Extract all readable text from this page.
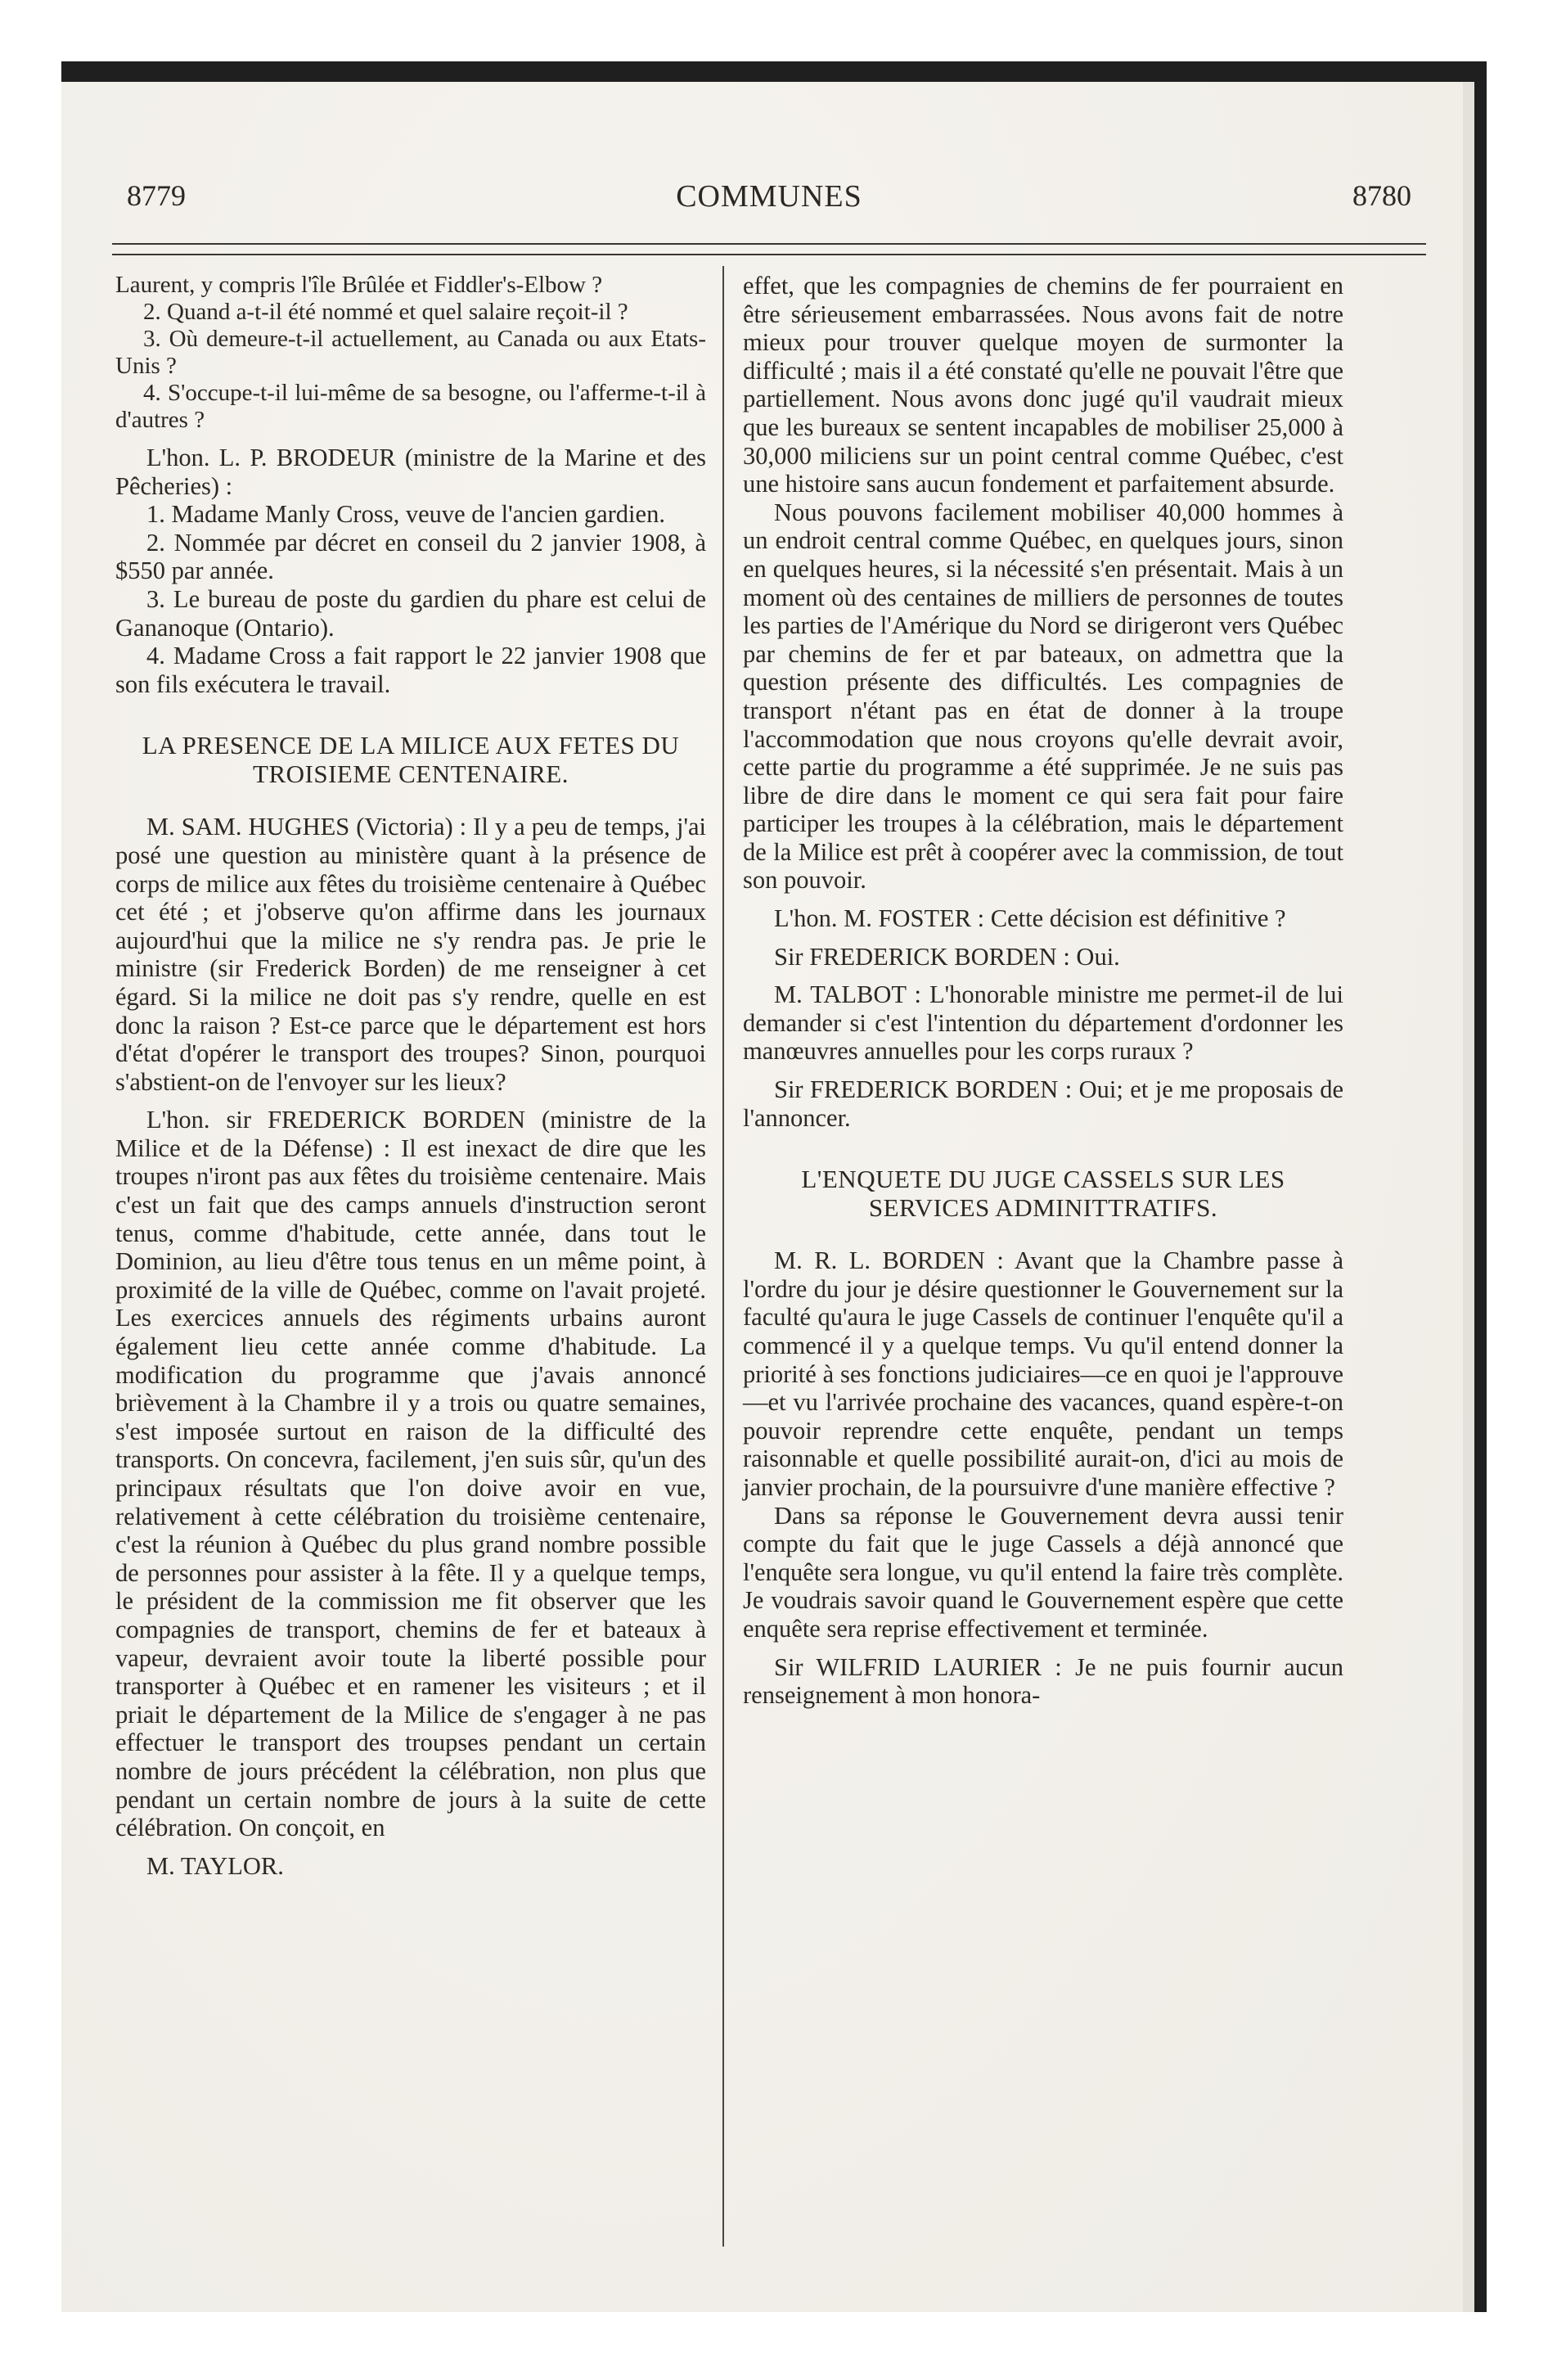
8779	COMMUNES	8780

Laurent, y compris l'île Brûlée et Fiddler's-Elbow ?

2. Quand a-t-il été nommé et quel salaire reçoit-il ?

3. Où demeure-t-il actuellement, au Canada ou aux Etats-Unis ?

4. S'occupe-t-il lui-même de sa besogne, ou l'afferme-t-il à d'autres ?

L'hon. L. P. BRODEUR (ministre de la Marine et des Pêcheries) :

1. Madame Manly Cross, veuve de l'ancien gardien.

2. Nommée par décret en conseil du 2 janvier 1908, à $550 par année.

3. Le bureau de poste du gardien du phare est celui de Gananoque (Ontario).

4. Madame Cross a fait rapport le 22 janvier 1908 que son fils exécutera le travail.

LA PRESENCE DE LA MILICE AUX FETES DU TROISIEME CENTENAIRE.

M. SAM. HUGHES (Victoria) : Il y a peu de temps, j'ai posé une question au ministère quant à la présence de corps de milice aux fêtes du troisième centenaire à Québec cet été ; et j'observe qu'on affirme dans les journaux aujourd'hui que la milice ne s'y rendra pas. Je prie le ministre (sir Frederick Borden) de me renseigner à cet égard. Si la milice ne doit pas s'y rendre, quelle en est donc la raison ? Est-ce parce que le département est hors d'état d'opérer le transport des troupes? Sinon, pourquoi s'abstient-on de l'envoyer sur les lieux?

L'hon. sir FREDERICK BORDEN (ministre de la Milice et de la Défense) : Il est inexact de dire que les troupes n'iront pas aux fêtes du troisième centenaire. Mais c'est un fait que des camps annuels d'instruction seront tenus, comme d'habitude, cette année, dans tout le Dominion, au lieu d'être tous tenus en un même point, à proximité de la ville de Québec, comme on l'avait projeté. Les exercices annuels des régiments urbains auront également lieu cette année comme d'habitude. La modification du programme que j'avais annoncé brièvement à la Chambre il y a trois ou quatre semaines, s'est imposée surtout en raison de la difficulté des transports. On concevra, facilement, j'en suis sûr, qu'un des principaux résultats que l'on doive avoir en vue, relativement à cette célébration du troisième centenaire, c'est la réunion à Québec du plus grand nombre possible de personnes pour assister à la fête. Il y a quelque temps, le président de la commission me fit observer que les compagnies de transport, chemins de fer et bateaux à vapeur, devraient avoir toute la liberté possible pour transporter à Québec et en ramener les visiteurs ; et il priait le département de la Milice de s'engager à ne pas effectuer le transport des troupses pendant un certain nombre de jours précédent la célébration, non plus que pendant un certain nombre de jours à la suite de cette célébration. On conçoit, en

M. TAYLOR.

effet, que les compagnies de chemins de fer pourraient en être sérieusement embarrassées. Nous avons fait de notre mieux pour trouver quelque moyen de surmonter la difficulté ; mais il a été constaté qu'elle ne pouvait l'être que partiellement. Nous avons donc jugé qu'il vaudrait mieux que les bureaux se sentent incapables de mobiliser 25,000 à 30,000 miliciens sur un point central comme Québec, c'est une histoire sans aucun fondement et parfaitement absurde.

Nous pouvons facilement mobiliser 40,000 hommes à un endroit central comme Québec, en quelques jours, sinon en quelques heures, si la nécessité s'en présentait. Mais à un moment où des centaines de milliers de personnes de toutes les parties de l'Amérique du Nord se dirigeront vers Québec par chemins de fer et par bateaux, on admettra que la question présente des difficultés. Les compagnies de transport n'étant pas en état de donner à la troupe l'accommodation que nous croyons qu'elle devrait avoir, cette partie du programme a été supprimée. Je ne suis pas libre de dire dans le moment ce qui sera fait pour faire participer les troupes à la célébration, mais le département de la Milice est prêt à coopérer avec la commission, de tout son pouvoir.

L'hon. M. FOSTER : Cette décision est définitive ?

Sir FREDERICK BORDEN : Oui.

M. TALBOT : L'honorable ministre me permet-il de lui demander si c'est l'intention du département d'ordonner les manœuvres annuelles pour les corps ruraux ?

Sir FREDERICK BORDEN : Oui; et je me proposais de l'annoncer.

L'ENQUETE DU JUGE CASSELS SUR LES SERVICES ADMINITTRATIFS.

M. R. L. BORDEN : Avant que la Chambre passe à l'ordre du jour je désire questionner le Gouvernement sur la faculté qu'aura le juge Cassels de continuer l'enquête qu'il a commencé il y a quelque temps. Vu qu'il entend donner la priorité à ses fonctions judiciaires—ce en quoi je l'approuve—et vu l'arrivée prochaine des vacances, quand espère-t-on pouvoir reprendre cette enquête, pendant un temps raisonnable et quelle possibilité aurait-on, d'ici au mois de janvier prochain, de la poursuivre d'une manière effective ?

Dans sa réponse le Gouvernement devra aussi tenir compte du fait que le juge Cassels a déjà annoncé que l'enquête sera longue, vu qu'il entend la faire très complète. Je voudrais savoir quand le Gouvernement espère que cette enquête sera reprise effectivement et terminée.

Sir WILFRID LAURIER : Je ne puis fournir aucun renseignement à mon honora-
